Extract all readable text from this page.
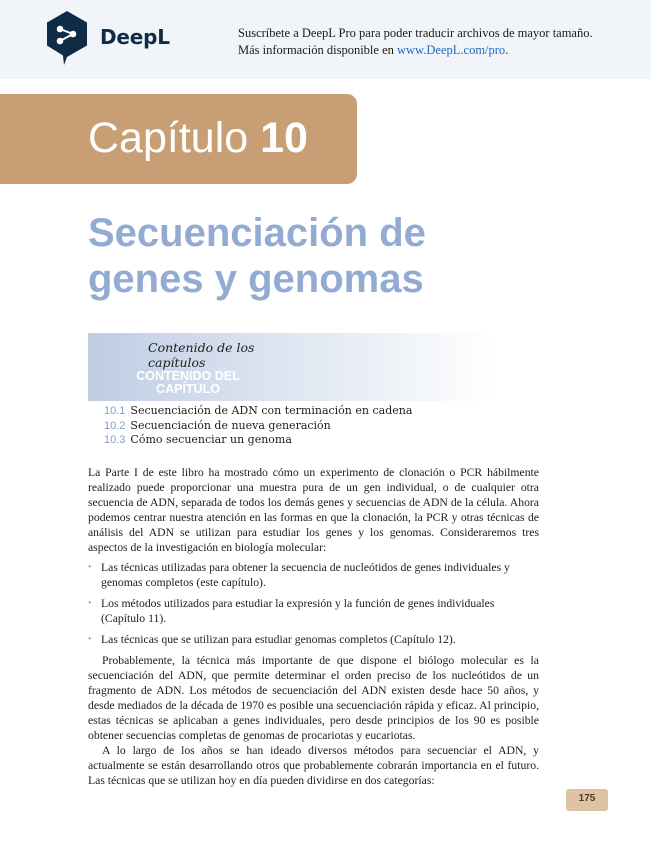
DeepL	Suscríbete a DeepL Pro para poder traducir archivos de mayor tamaño.
Más información disponible en www.DeepL.com/pro.
Capítulo 10
Secuenciación de
genes y genomas
Contenido de los capítulos
CONTENIDO DEL CAPÍTULO
10.1 Secuenciación de ADN con terminación en cadena
10.2 Secuenciación de nueva generación
10.3 Cómo secuenciar un genoma

La Parte I de este libro ha mostrado cómo un experimento de clonación o PCR hábilmente realizado puede proporcionar una muestra pura de un gen individual, o de cualquier otra secuencia de ADN, separada de todos los demás genes y secuencias de ADN de la célula. Ahora podemos centrar nuestra atención en las formas en que la clonación, la PCR y otras técnicas de análisis del ADN se utilizan para estudiar los genes y los genomas. Consideraremos tres aspectos de la investigación en biología molecular:

• Las técnicas utilizadas para obtener la secuencia de nucleótidos de genes individuales y genomas completos (este capítulo).
• Los métodos utilizados para estudiar la expresión y la función de genes individuales (Capítulo 11).
• Las técnicas que se utilizan para estudiar genomas completos (Capítulo 12).

Probablemente, la técnica más importante de que dispone el biólogo molecular es la secuenciación del ADN, que permite determinar el orden preciso de los nucleótidos de un fragmento de ADN. Los métodos de secuenciación del ADN existen desde hace 50 años, y desde mediados de la década de 1970 es posible una secuenciación rápida y eficaz. Al principio, estas técnicas se aplicaban a genes individuales, pero desde principios de los 90 es posible obtener secuencias completas de genomas de procariotas y eucariotas.

A lo largo de los años se han ideado diversos métodos para secuenciar el ADN, y actualmente se están desarrollando otros que probablemente cobrarán importancia en el futuro. Las técnicas que se utilizan hoy en día pueden dividirse en dos categorías:

175
